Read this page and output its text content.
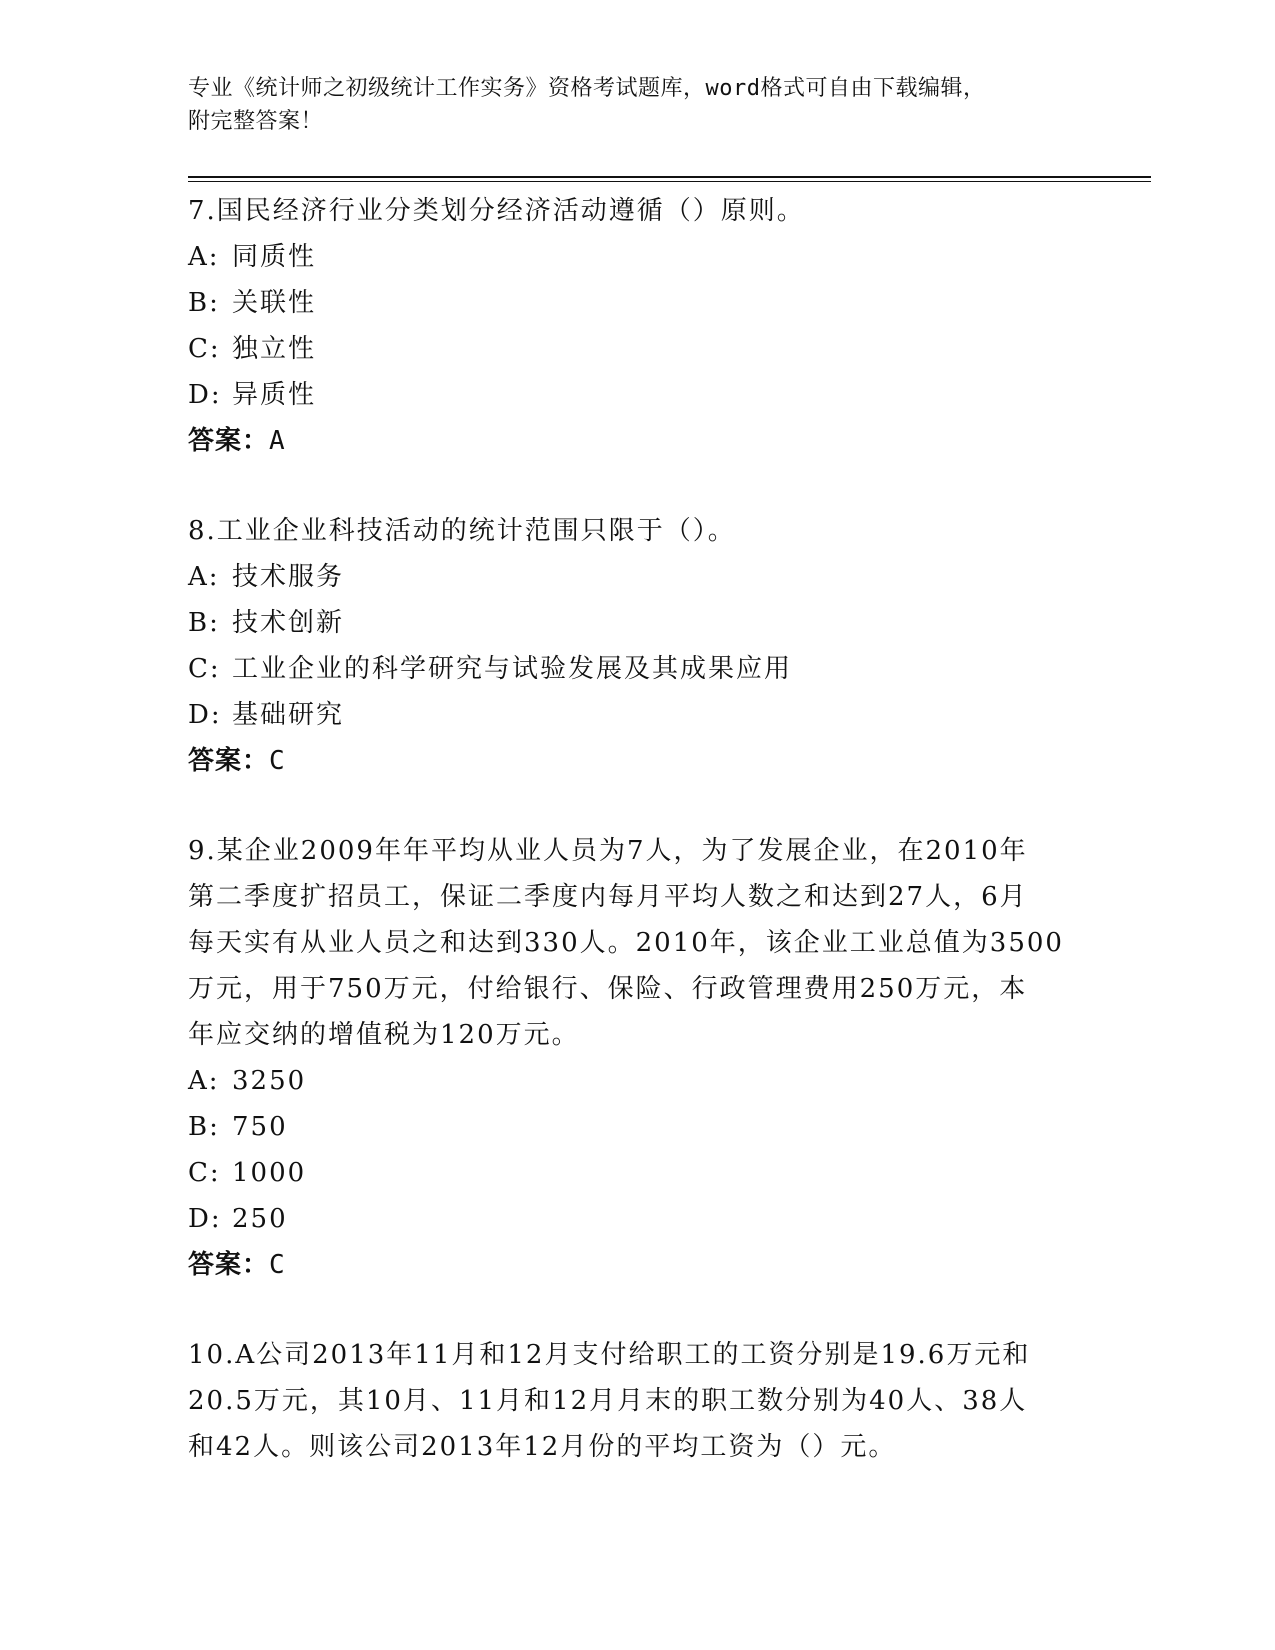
专业《统计师之初级统计工作实务》资格考试题库，word格式可自由下载编辑，
附完整答案！

7.国民经济行业分类划分经济活动遵循（）原则。

A: 同质性
B: 关联性
C: 独立性
D: 异质性
答案：A

8.工业企业科技活动的统计范围只限于（）。

A: 技术服务
B: 技术创新
C: 工业企业的科学研究与试验发展及其成果应用
D: 基础研究
答案：C
9.某企业2009年年平均从业人员为7人，为了发展企业，在2010年
第二季度扩招员工，保证二季度内每月平均人数之和达到27人，6月
每天实有从业人员之和达到330人。2010年，该企业工业总值为3500
万元，用于750万元，付给银行、保险、行政管理费用250万元，本
年应交纳的增值税为120万元。
A: 3250
B: 750
C: 1000
D: 250
答案：C
10.A公司2013年11月和12月支付给职工的工资分别是19.6万元和
20.5万元，其10月、11月和12月月末的职工数分别为40人、38人
和42人。则该公司2013年12月份的平均工资为（）元。
